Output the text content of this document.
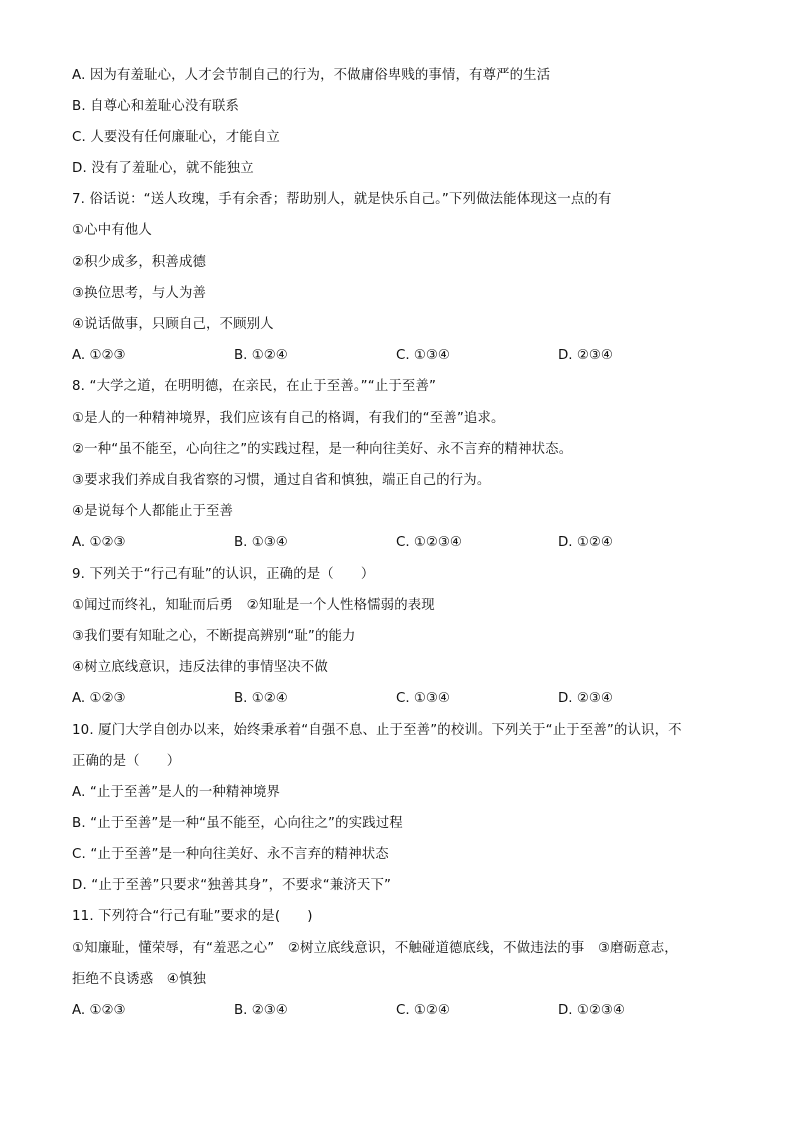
A. 因为有羞耻心，人才会节制自己的行为，不做庸俗卑贱的事情，有尊严的生活
B. 自尊心和羞耻心没有联系
C. 人要没有任何廉耻心，才能自立
D. 没有了羞耻心，就不能独立
7. 俗话说：“送人玫瑰，手有余香；帮助别人，就是快乐自己。”下列做法能体现这一点的有
①心中有他人
②积少成多，积善成德
③换位思考，与人为善
④说话做事，只顾自己，不顾别人
A. ①②③	B. ①②④	C. ①③④	D. ②③④
8. “大学之道，在明明德，在亲民，在止于至善。”“止于至善”
①是人的一种精神境界，我们应该有自己的格调，有我们的“至善”追求。
②一种“虽不能至，心向往之”的实践过程，是一种向往美好、永不言弃的精神状态。
③要求我们养成自我省察的习惯，通过自省和慎独，端正自己的行为。
④是说每个人都能止于至善
A. ①②③	B. ①③④	C. ①②③④	D. ①②④
9. 下列关于“行己有耻”的认识，正确的是（　　）
①闻过而终礼，知耻而后勇　②知耻是一个人性格懦弱的表现
③我们要有知耻之心，不断提高辨别“耻”的能力
④树立底线意识，违反法律的事情坚决不做
A. ①②③	B. ①②④	C. ①③④	D. ②③④
10. 厦门大学自创办以来，始终秉承着“自强不息、止于至善”的校训。下列关于“止于至善”的认识，不
正确的是（　　）
A. “止于至善”是人的一种精神境界
B. “止于至善”是一种“虽不能至，心向往之”的实践过程
C. “止于至善”是一种向往美好、永不言弃的精神状态
D. “止于至善”只要求“独善其身”，不要求“兼济天下”
11. 下列符合“行己有耻”要求的是(　　)
①知廉耻，懂荣辱，有“羞恶之心”　②树立底线意识，不触碰道德底线，不做违法的事　③磨砺意志，
拒绝不良诱惑　④慎独
A. ①②③	B. ②③④	C. ①②④	D. ①②③④
